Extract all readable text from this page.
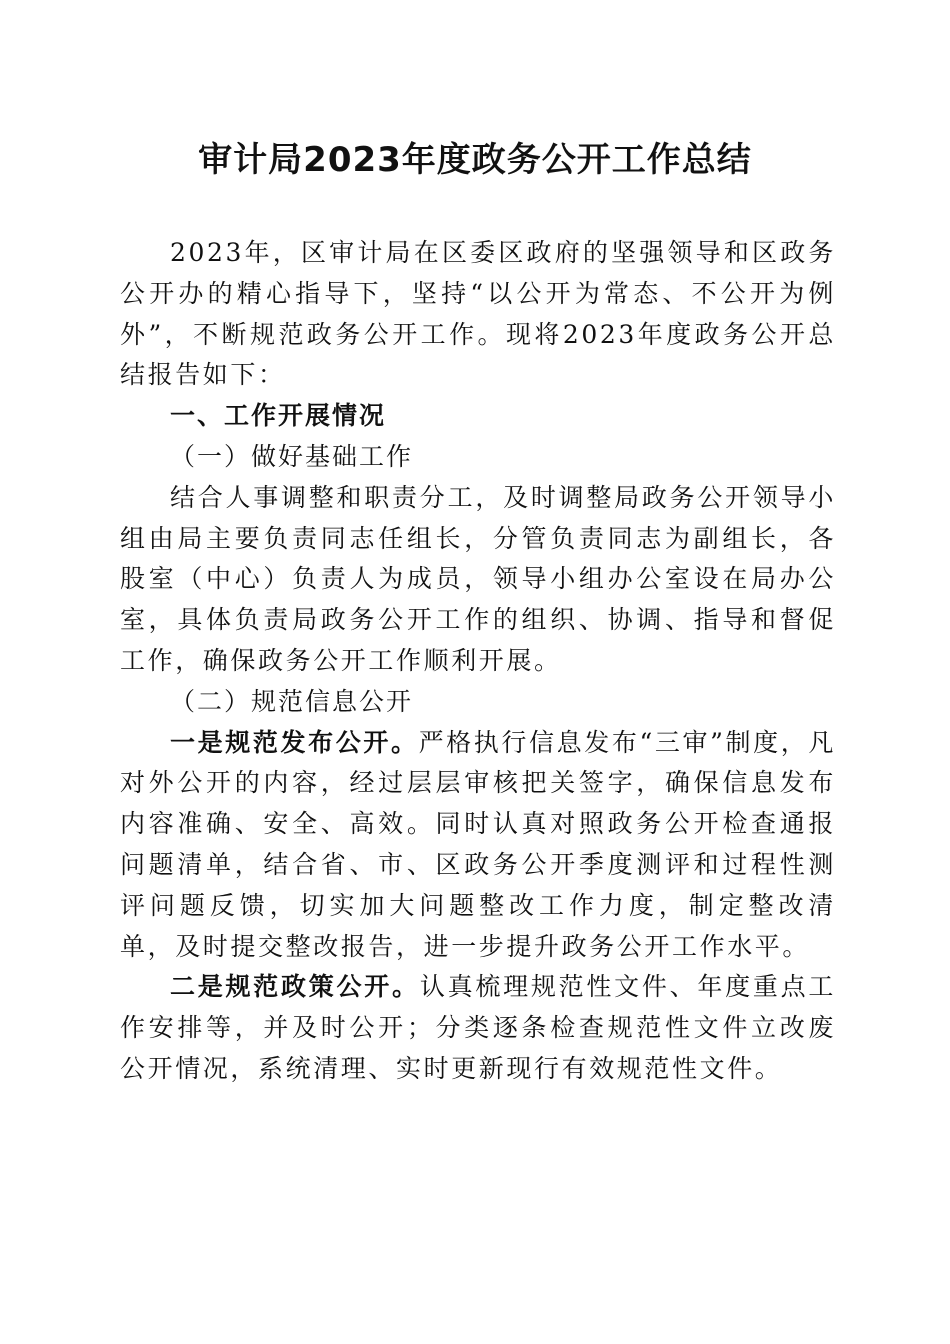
审计局2023年度政务公开工作总结

2023年，区审计局在区委区政府的坚强领导和区政务公开办的精心指导下，坚持“以公开为常态、不公开为例外”，不断规范政务公开工作。现将2023年度政务公开总结报告如下：

一、工作开展情况

（一）做好基础工作

结合人事调整和职责分工，及时调整局政务公开领导小组由局主要负责同志任组长，分管负责同志为副组长，各股室（中心）负责人为成员，领导小组办公室设在局办公室，具体负责局政务公开工作的组织、协调、指导和督促工作，确保政务公开工作顺利开展。

（二）规范信息公开

一是规范发布公开。严格执行信息发布“三审”制度，凡对外公开的内容，经过层层审核把关签字，确保信息发布内容准确、安全、高效。同时认真对照政务公开检查通报问题清单，结合省、市、区政务公开季度测评和过程性测评问题反馈，切实加大问题整改工作力度，制定整改清单，及时提交整改报告，进一步提升政务公开工作水平。

二是规范政策公开。认真梳理规范性文件、年度重点工作安排等，并及时公开；分类逐条检查规范性文件立改废公开情况，系统清理、实时更新现行有效规范性文件。
